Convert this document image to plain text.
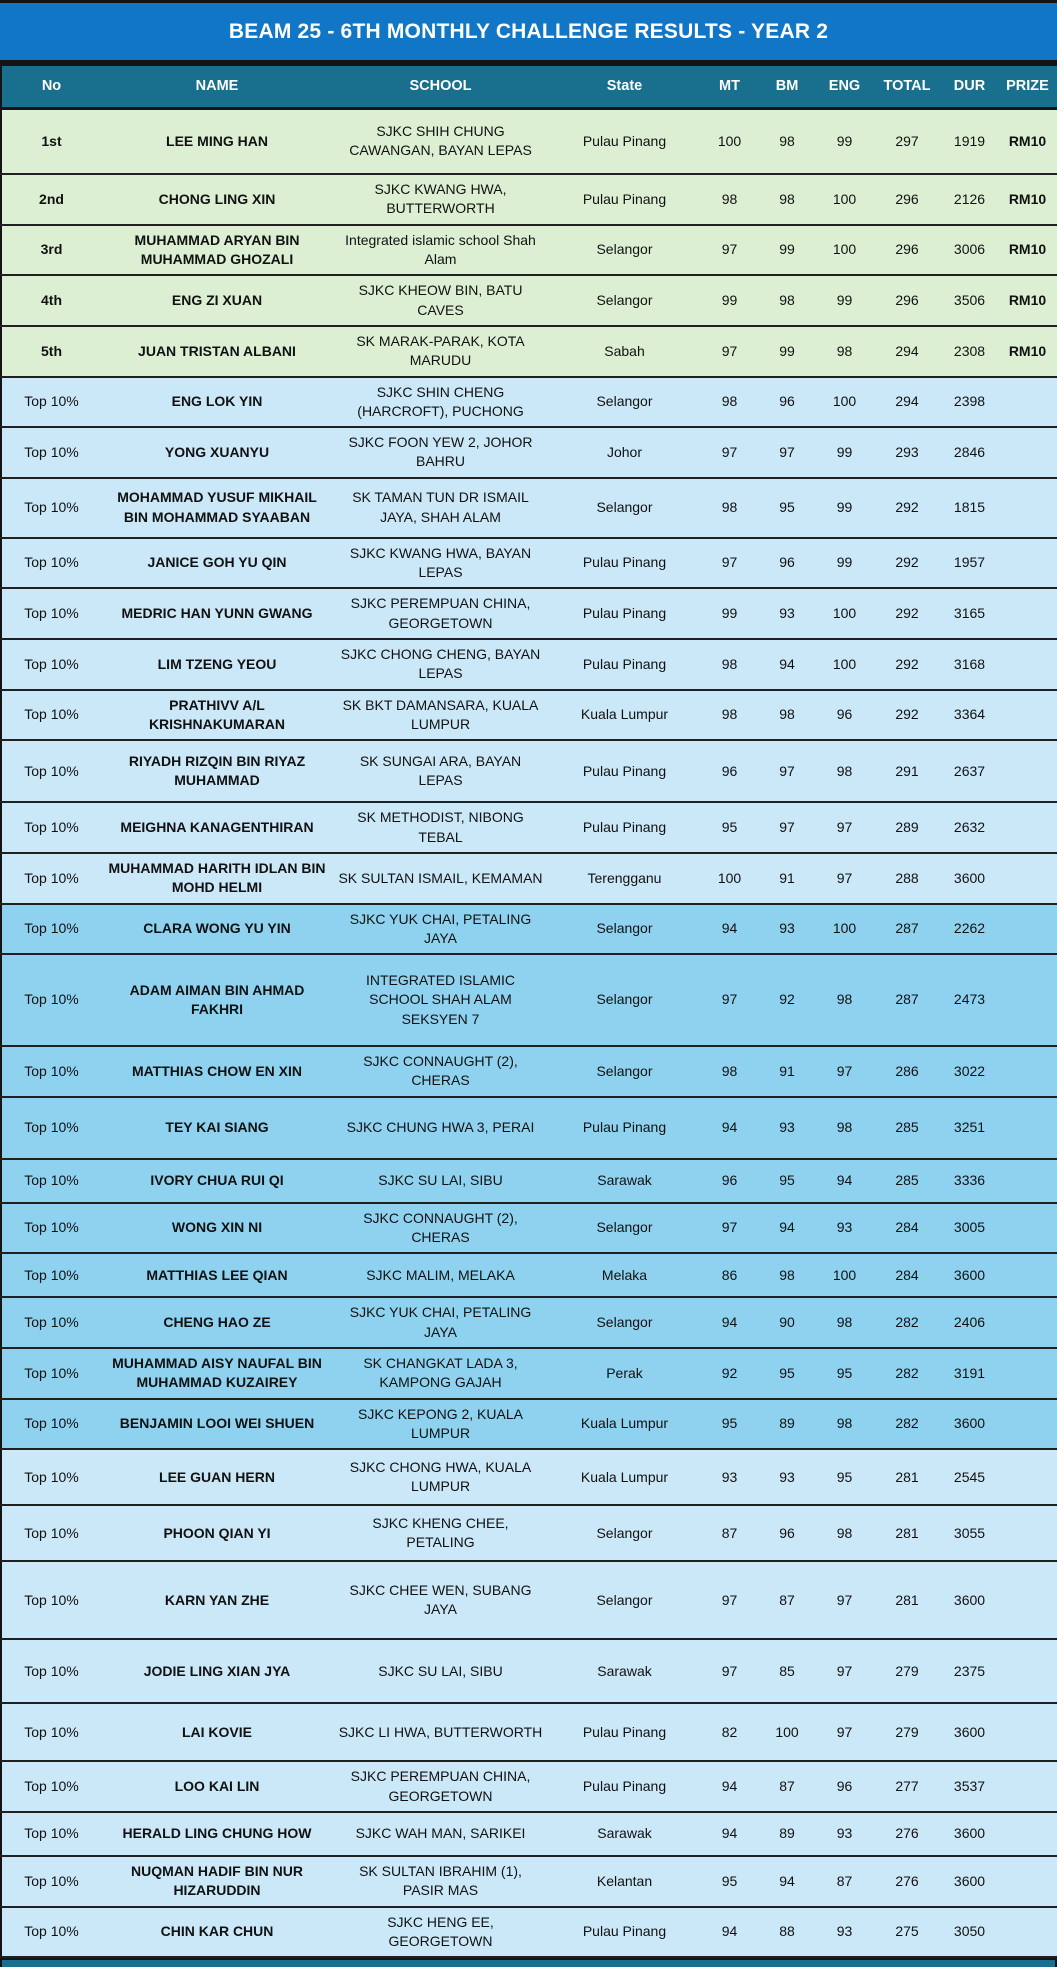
BEAM 25 - 6TH MONTHLY CHALLENGE RESULTS - YEAR 2
No	NAME	SCHOOL	State	MT	BM	ENG	TOTAL	DUR	PRIZE
1st	LEE MING HAN	SJKC SHIH CHUNG CAWANGAN, BAYAN LEPAS	Pulau Pinang	100	98	99	297	1919	RM10
2nd	CHONG LING XIN	SJKC KWANG HWA, BUTTERWORTH	Pulau Pinang	98	98	100	296	2126	RM10
3rd	MUHAMMAD ARYAN BIN MUHAMMAD GHOZALI	Integrated islamic school Shah Alam	Selangor	97	99	100	296	3006	RM10
4th	ENG ZI XUAN	SJKC KHEOW BIN, BATU CAVES	Selangor	99	98	99	296	3506	RM10
5th	JUAN TRISTAN ALBANI	SK MARAK-PARAK, KOTA MARUDU	Sabah	97	99	98	294	2308	RM10
Top 10%	ENG LOK YIN	SJKC SHIN CHENG (HARCROFT), PUCHONG	Selangor	98	96	100	294	2398	
Top 10%	YONG XUANYU	SJKC FOON YEW 2, JOHOR BAHRU	Johor	97	97	99	293	2846	
Top 10%	MOHAMMAD YUSUF MIKHAIL BIN MOHAMMAD SYAABAN	SK TAMAN TUN DR ISMAIL JAYA, SHAH ALAM	Selangor	98	95	99	292	1815	
Top 10%	JANICE GOH YU QIN	SJKC KWANG HWA, BAYAN LEPAS	Pulau Pinang	97	96	99	292	1957	
Top 10%	MEDRIC HAN YUNN GWANG	SJKC PEREMPUAN CHINA, GEORGETOWN	Pulau Pinang	99	93	100	292	3165	
Top 10%	LIM TZENG YEOU	SJKC CHONG CHENG, BAYAN LEPAS	Pulau Pinang	98	94	100	292	3168	
Top 10%	PRATHIVV A/L KRISHNAKUMARAN	SK BKT DAMANSARA, KUALA LUMPUR	Kuala Lumpur	98	98	96	292	3364	
Top 10%	RIYADH RIZQIN BIN RIYAZ MUHAMMAD	SK SUNGAI ARA, BAYAN LEPAS	Pulau Pinang	96	97	98	291	2637	
Top 10%	MEIGHNA KANAGENTHIRAN	SK METHODIST, NIBONG TEBAL	Pulau Pinang	95	97	97	289	2632	
Top 10%	MUHAMMAD HARITH IDLAN BIN MOHD HELMI	SK SULTAN ISMAIL, KEMAMAN	Terengganu	100	91	97	288	3600	
Top 10%	CLARA WONG YU YIN	SJKC YUK CHAI, PETALING JAYA	Selangor	94	93	100	287	2262	
Top 10%	ADAM AIMAN BIN AHMAD FAKHRI	INTEGRATED ISLAMIC SCHOOL SHAH ALAM SEKSYEN 7	Selangor	97	92	98	287	2473	
Top 10%	MATTHIAS CHOW EN XIN	SJKC CONNAUGHT (2), CHERAS	Selangor	98	91	97	286	3022	
Top 10%	TEY KAI SIANG	SJKC CHUNG HWA 3, PERAI	Pulau Pinang	94	93	98	285	3251	
Top 10%	IVORY CHUA RUI QI	SJKC SU LAI, SIBU	Sarawak	96	95	94	285	3336	
Top 10%	WONG XIN NI	SJKC CONNAUGHT (2), CHERAS	Selangor	97	94	93	284	3005	
Top 10%	MATTHIAS LEE QIAN	SJKC MALIM, MELAKA	Melaka	86	98	100	284	3600	
Top 10%	CHENG HAO ZE	SJKC YUK CHAI, PETALING JAYA	Selangor	94	90	98	282	2406	
Top 10%	MUHAMMAD AISY NAUFAL BIN MUHAMMAD KUZAIREY	SK CHANGKAT LADA 3, KAMPONG GAJAH	Perak	92	95	95	282	3191	
Top 10%	BENJAMIN LOOI WEI SHUEN	SJKC KEPONG 2, KUALA LUMPUR	Kuala Lumpur	95	89	98	282	3600	
Top 10%	LEE GUAN HERN	SJKC CHONG HWA, KUALA LUMPUR	Kuala Lumpur	93	93	95	281	2545	
Top 10%	PHOON QIAN YI	SJKC KHENG CHEE, PETALING	Selangor	87	96	98	281	3055	
Top 10%	KARN YAN ZHE	SJKC CHEE WEN, SUBANG JAYA	Selangor	97	87	97	281	3600	
Top 10%	JODIE LING XIAN JYA	SJKC SU LAI, SIBU	Sarawak	97	85	97	279	2375	
Top 10%	LAI KOVIE	SJKC LI HWA, BUTTERWORTH	Pulau Pinang	82	100	97	279	3600	
Top 10%	LOO KAI LIN	SJKC PEREMPUAN CHINA, GEORGETOWN	Pulau Pinang	94	87	96	277	3537	
Top 10%	HERALD LING CHUNG HOW	SJKC WAH MAN, SARIKEI	Sarawak	94	89	93	276	3600	
Top 10%	NUQMAN HADIF BIN NUR HIZARUDDIN	SK SULTAN IBRAHIM (1), PASIR MAS	Kelantan	95	94	87	276	3600	
Top 10%	CHIN KAR CHUN	SJKC HENG EE, GEORGETOWN	Pulau Pinang	94	88	93	275	3050	
